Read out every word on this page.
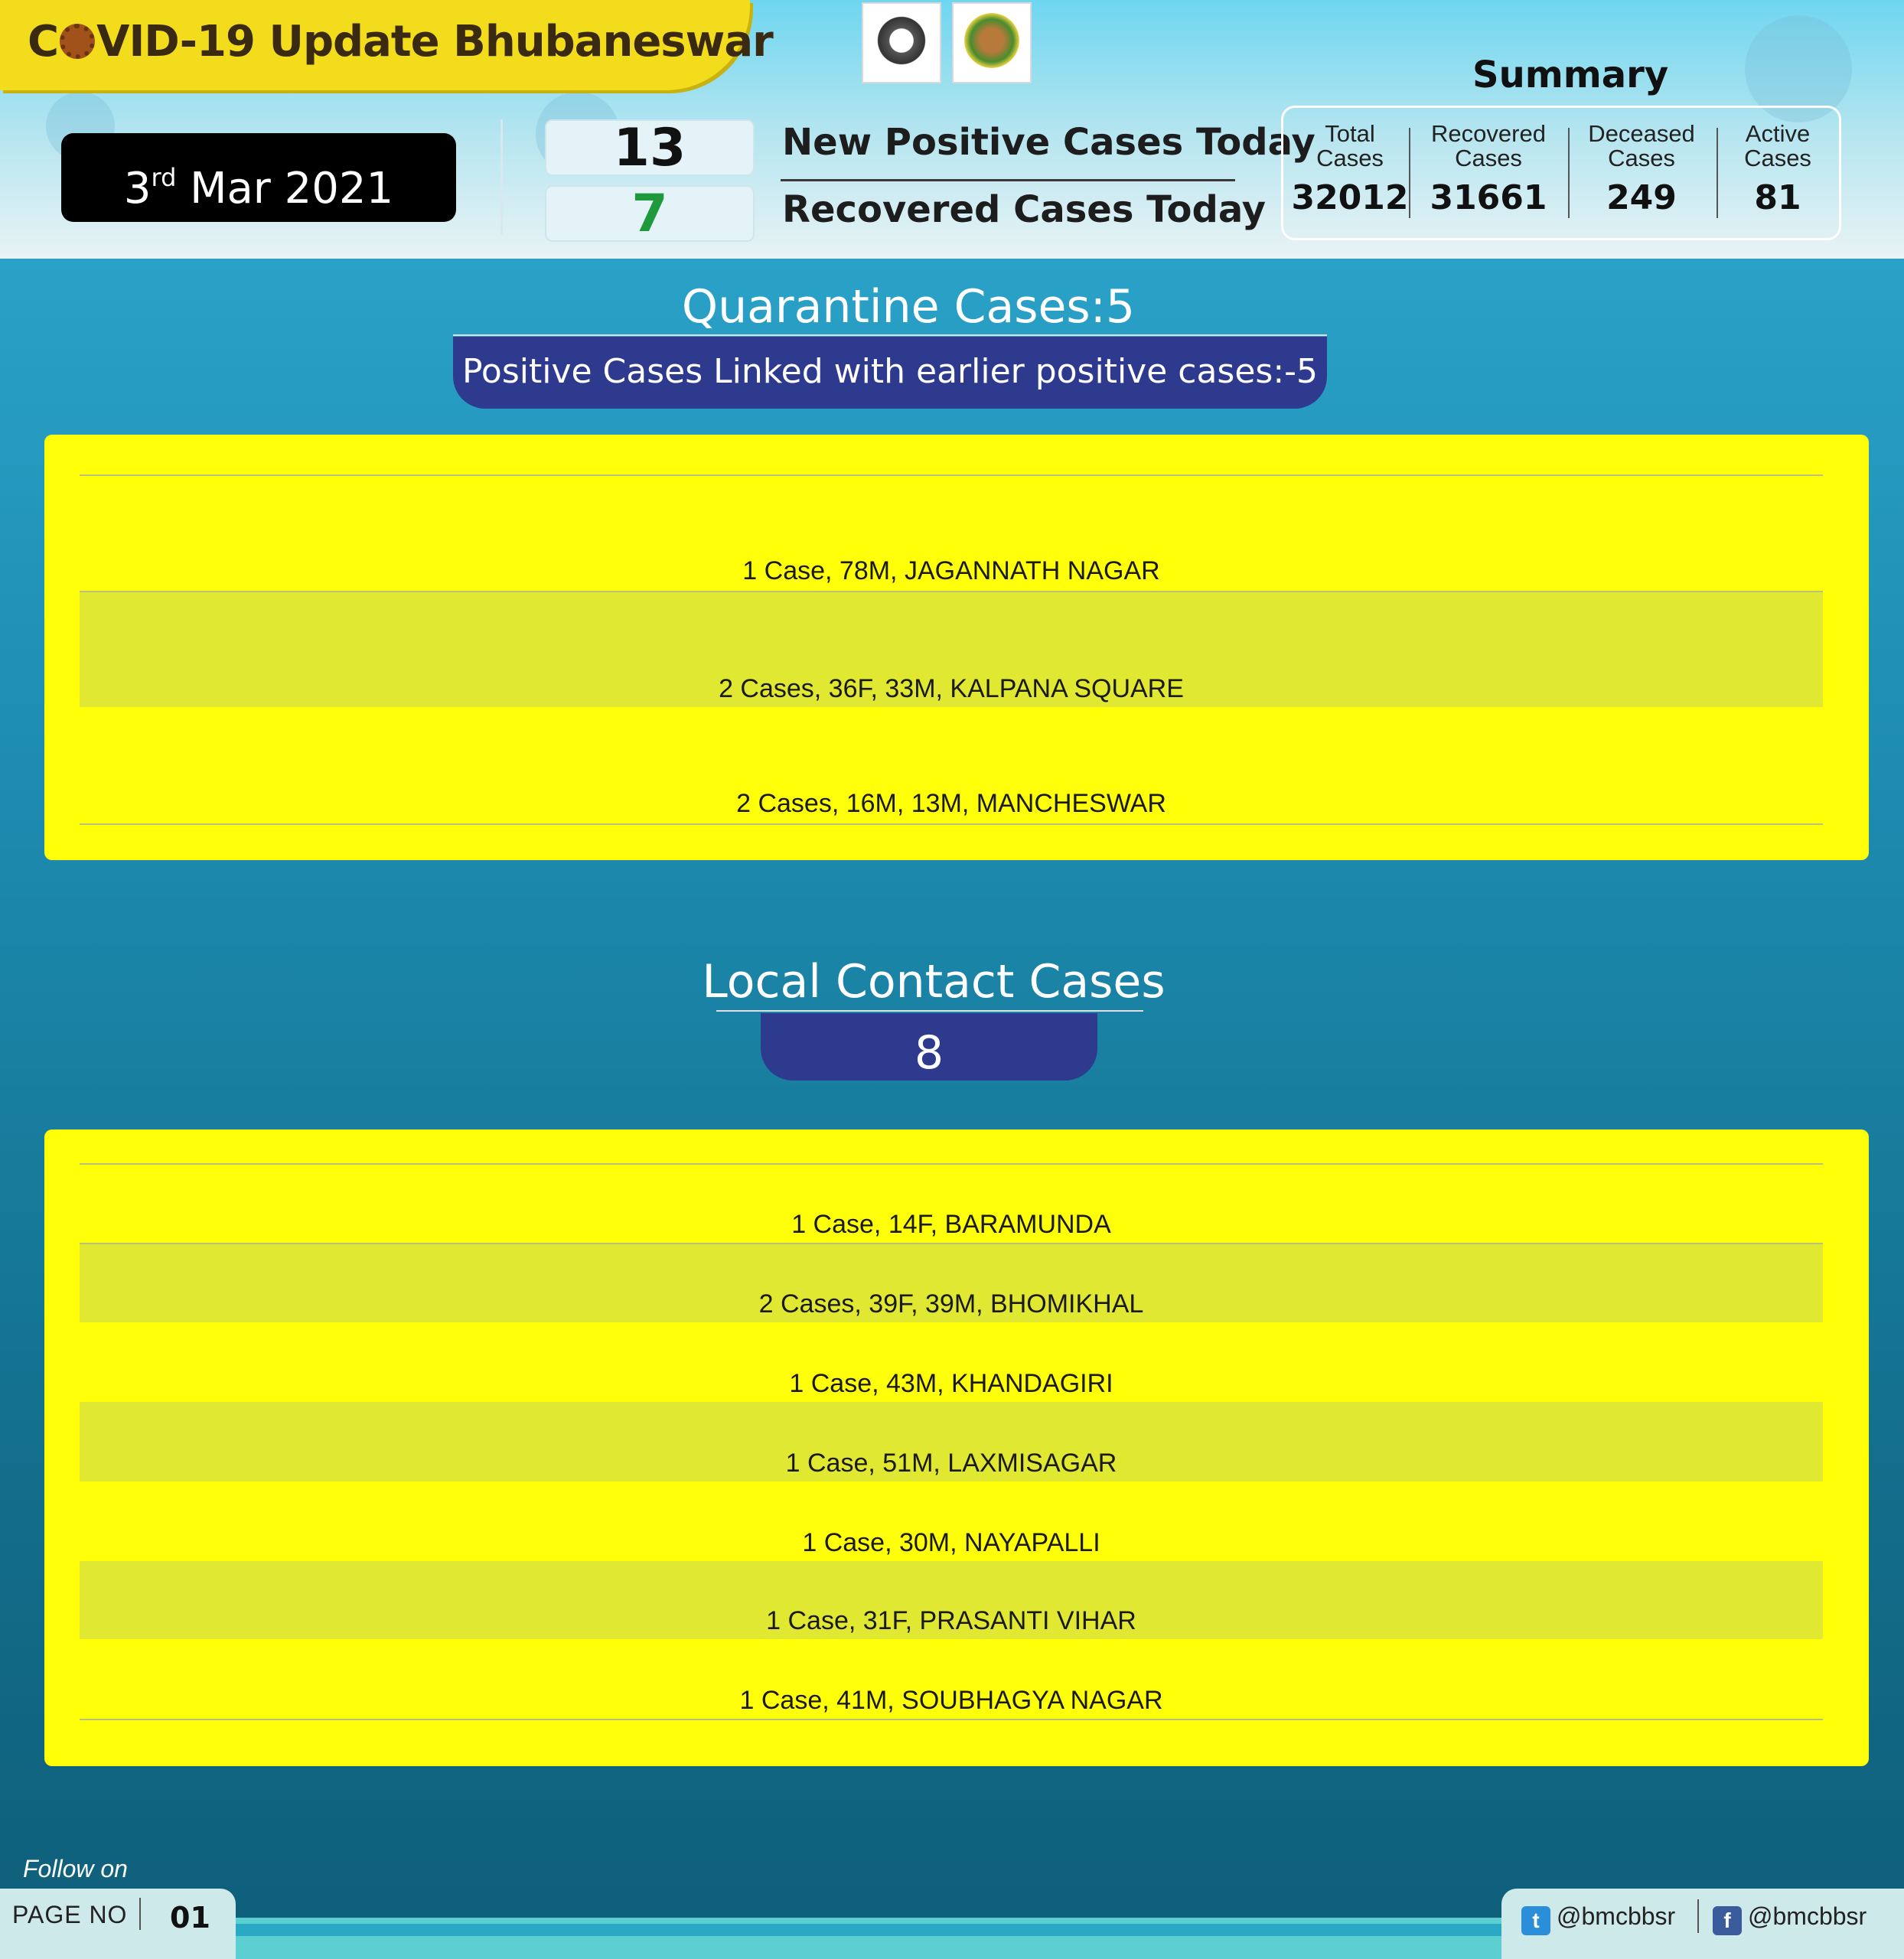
C VID-19 Update Bhubaneswar
3rd Mar 2021
13
7
New Positive Cases Today
Recovered Cases Today
Summary
Total
Cases
32012
Recovered
Cases
31661
Deceased
Cases
249
Active
Cases
81
Quarantine Cases:5
Positive Cases Linked with earlier positive cases:-5
1 Case, 78M, JAGANNATH NAGAR
2 Cases, 36F, 33M, KALPANA SQUARE
2 Cases, 16M, 13M, MANCHESWAR
Local Contact Cases
8
1 Case, 14F, BARAMUNDA
2 Cases, 39F, 39M, BHOMIKHAL
1 Case, 43M, KHANDAGIRI
1 Case, 51M, LAXMISAGAR
1 Case, 30M, NAYAPALLI
1 Case, 31F, PRASANTI VIHAR
1 Case, 41M, SOUBHAGYA NAGAR
Follow on
PAGE NO 01	t @bmcbbsr	f @bmcbbsr
